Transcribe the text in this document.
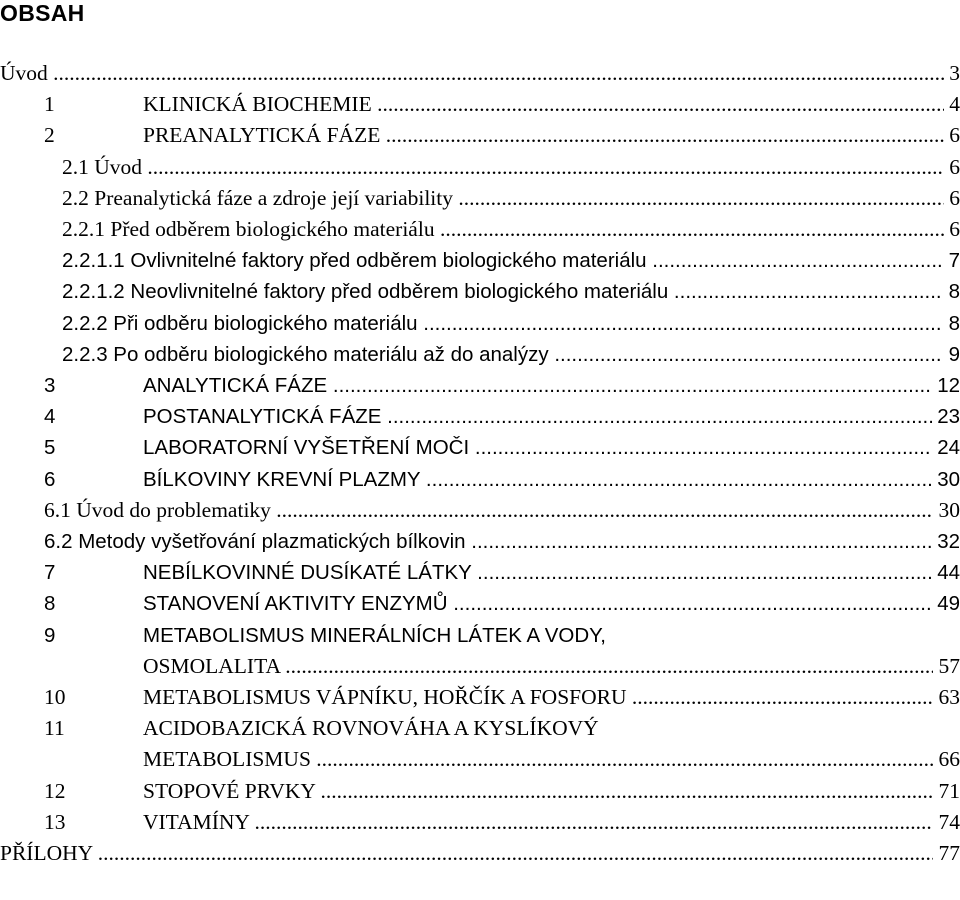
OBSAH
Úvod .....	3
1	KLINICKÁ BIOCHEMIE .....	4
2	PREANALYTICKÁ FÁZE .....	6
2.1 Úvod .....	6
2.2 Preanalytická fáze a zdroje její variability .....	6
2.2.1 Před odběrem biologického materiálu .....	6
2.2.1.1 Ovlivnitelné faktory před odběrem biologického materiálu .....	7
2.2.1.2 Neovlivnitelné faktory před odběrem biologického materiálu .....	8
2.2.2 Při odběru biologického materiálu .....	8
2.2.3 Po odběru biologického materiálu až do analýzy .....	9
3	ANALYTICKÁ FÁZE .....	12
4	POSTANALYTICKÁ FÁZE .....	23
5	LABORATORNÍ VYŠETŘENÍ MOČI .....	24
6	BÍLKOVINY KREVNÍ PLAZMY .....	30
6.1 Úvod do problematiky .....	30
6.2 Metody vyšetřování plazmatických bílkovin .....	32
7	NEBÍLKOVINNÉ DUSÍKATÉ LÁTKY .....	44
8	STANOVENÍ AKTIVITY ENZYMŮ .....	49
9	METABOLISMUS MINERÁLNÍCH LÁTEK A VODY,
OSMOLALITA .....	57
10	METABOLISMUS VÁPNÍKU, HOŘČÍK A FOSFORU .....	63
11	ACIDOBAZICKÁ ROVNOVÁHA A KYSLÍKOVÝ
METABOLISMUS .....	66
12	STOPOVÉ PRVKY .....	71
13	VITAMÍNY .....	74
PŘÍLOHY .....	77
